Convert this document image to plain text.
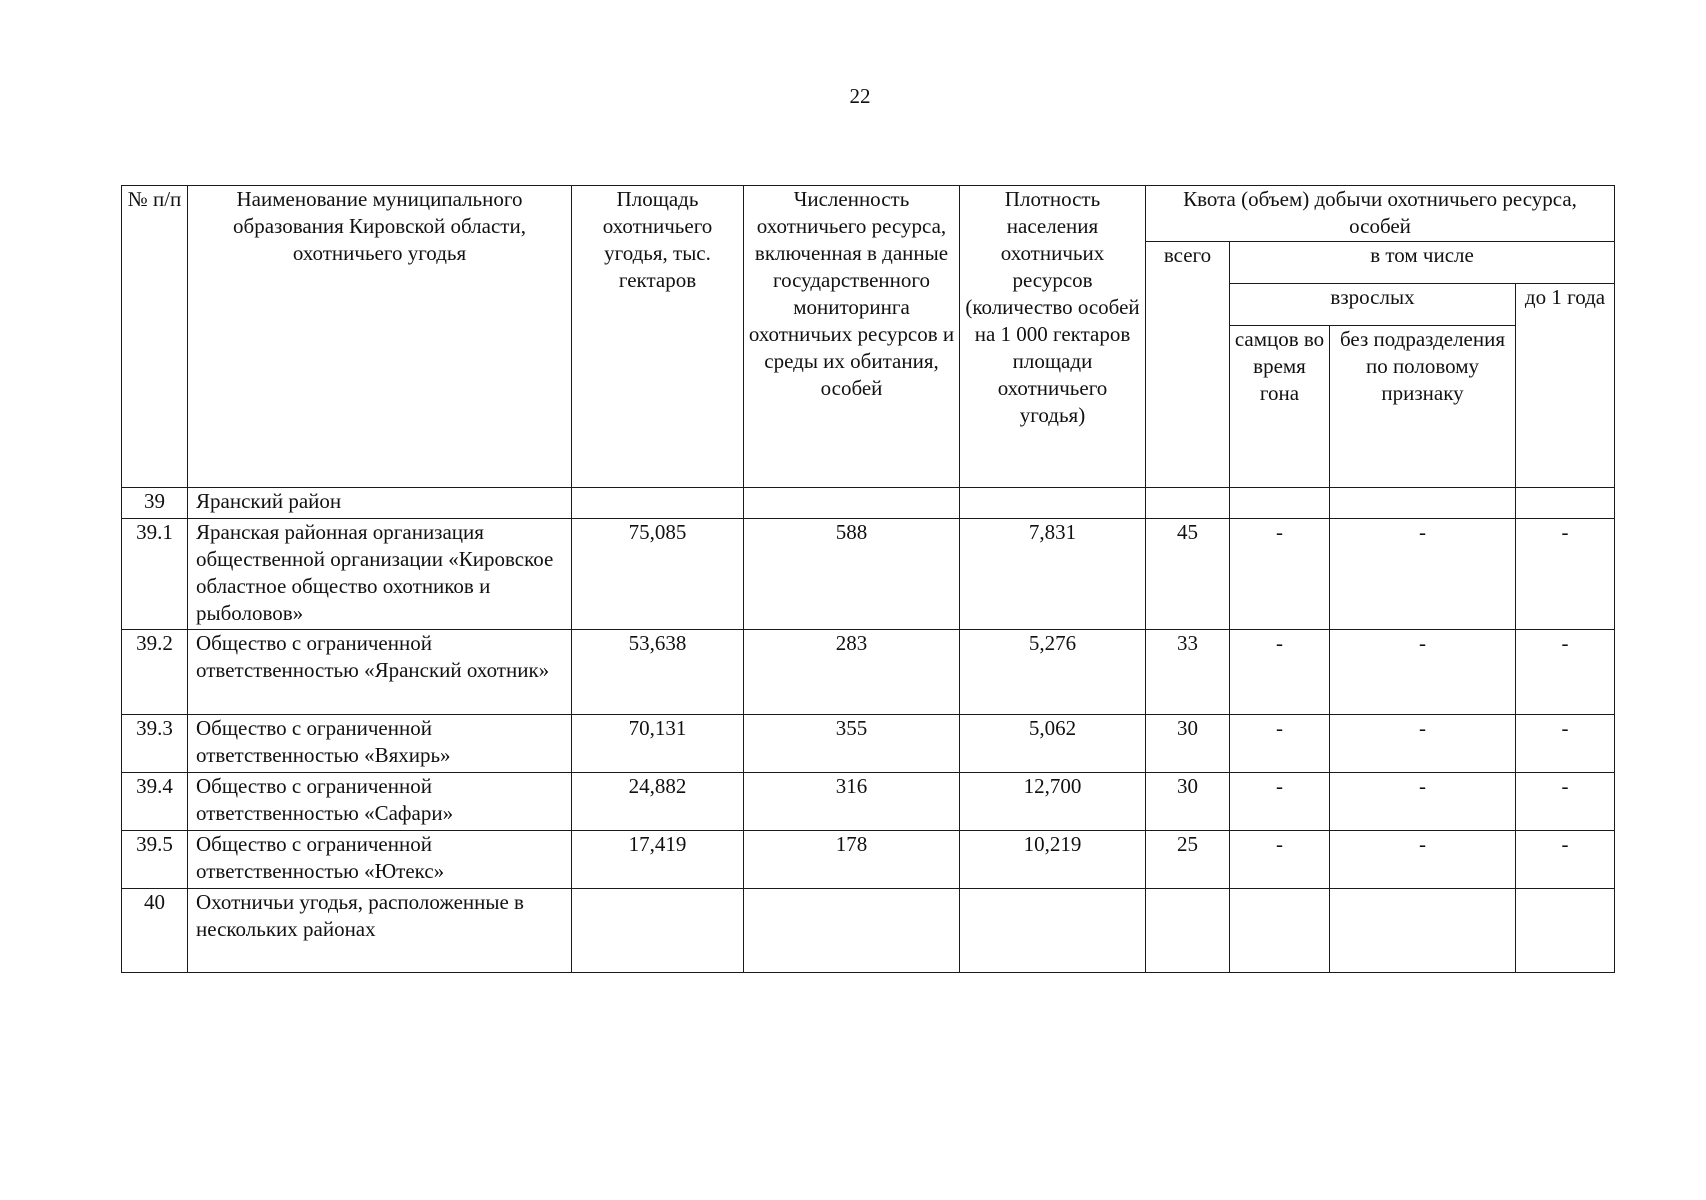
22
№ п/п	Наименование муниципального образования Кировской области, охотничьего угодья	Площадь охотничьего угодья, тыс. гектаров	Численность охотничьего ресурса, включенная в данные государственного мониторинга охотничьих ресурсов и среды их обитания, особей	Плотность населения охотничьих ресурсов (количество особей на 1 000 гектаров площади охотничьего угодья)	Квота (объем) добычи охотничьего ресурса, особей			
					всего	в том числе		
						взрослых		до 1 года
						самцов во время гона	без подразделения по половому признаку	
39	Яранский район							
39.1	Яранская районная организация общественной организации «Кировское областное общество охотников и рыболовов»	75,085	588	7,831	45	-	-	-
39.2	Общество с ограниченной ответственностью «Яранский охотник»	53,638	283	5,276	33	-	-	-
39.3	Общество с ограниченной ответственностью «Вяхирь»	70,131	355	5,062	30	-	-	-
39.4	Общество с ограниченной ответственностью «Сафари»	24,882	316	12,700	30	-	-	-
39.5	Общество с ограниченной ответственностью «Ютекс»	17,419	178	10,219	25	-	-	-
40	Охотничьи угодья, расположенные в нескольких районах							
